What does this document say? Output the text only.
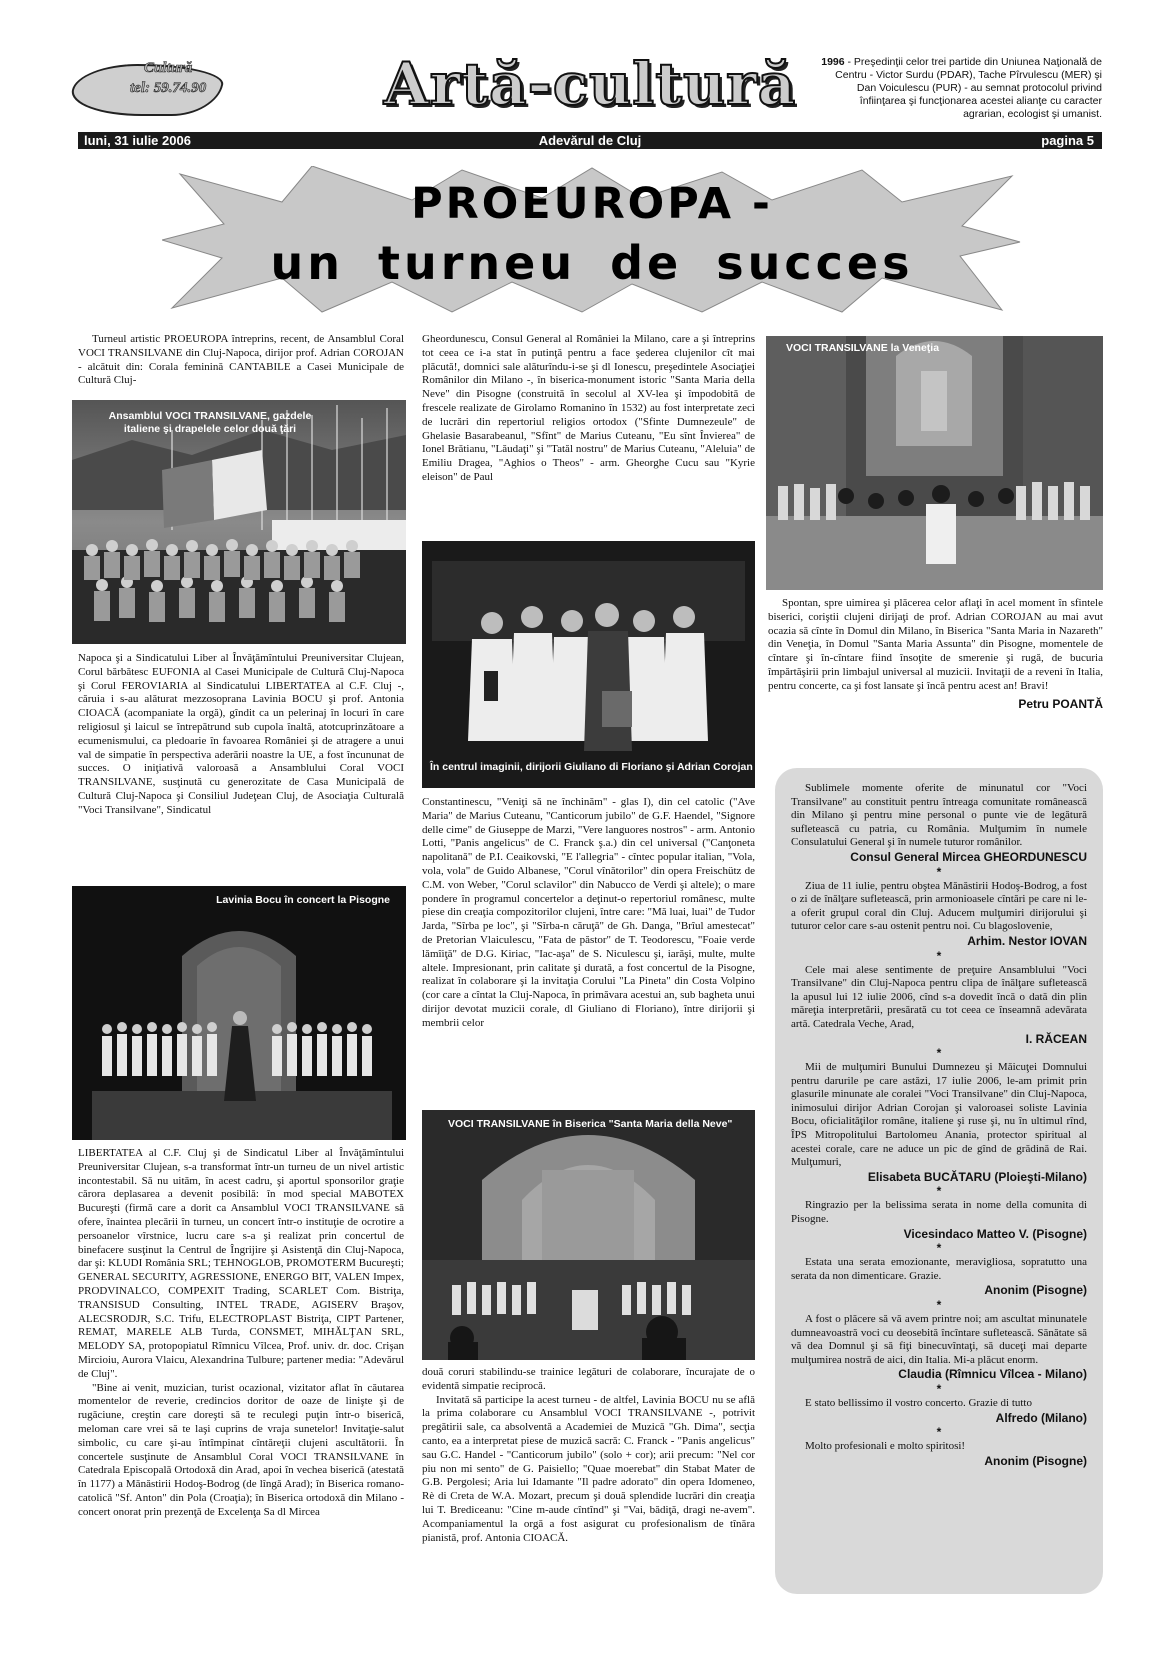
Cultură
tel: 59.74.90	Artă-cultură	1996 - Preşedinţii celor trei partide din Uniunea Naţională de Centru - Victor Surdu (PDAR), Tache Pîrvulescu (MER) şi Dan Voiculescu (PUR) - au semnat protocolul privind înfiinţarea şi funcţionarea acestei alianţe cu caracter agrarian, ecologist şi umanist.
Adevărul de Cluj
luni, 31 iulie 2006	pagina 5
PROEUROPA -
un turneu de succes

Turneul artistic PROEUROPA întreprins, recent, de Ansamblul Coral VOCI TRANSILVANE din Cluj-Napoca, dirijor prof. Adrian COROJAN - alcătuit din: Corala feminină CANTABILE a Casei Municipale de Cultură Cluj-

Ansamblul VOCI TRANSILVANE, gazdele italiene şi drapelele celor două ţări

Napoca şi a Sindicatului Liber al Învăţămîntului Preuniversitar Clujean, Corul bărbătesc EUFONIA al Casei Municipale de Cultură Cluj-Napoca şi Corul FEROVIARIA al Sindicatului LIBERTATEA al C.F. Cluj -, căruia i s-au alăturat mezzosoprana Lavinia BOCU şi prof. Antonia CIOACĂ (acompaniate la orgă), gîndit ca un pelerinaj în locuri în care religiosul şi laicul se întrepătrund sub cupola înaltă, atotcuprinzătoare a ecumenismului, ca pledoarie în favoarea României şi de atragere a unui val de simpatie în perspectiva aderării noastre la UE, a fost încununat de succes. O iniţiativă valoroasă a Ansamblului Coral VOCI TRANSILVANE, susţinută cu generozitate de Casa Municipală de Cultură Cluj-Napoca şi Consiliul Judeţean Cluj, de Asociaţia Culturală "Voci Transilvane", Sindicatul

Lavinia Bocu în concert la Pisogne

LIBERTATEA al C.F. Cluj şi de Sindicatul Liber al Învăţămîntului Preuniversitar Clujean, s-a transformat într-un turneu de un nivel artistic incontestabil. Să nu uităm, în acest cadru, şi aportul sponsorilor graţie cărora deplasarea a devenit posibilă: în mod special MABOTEX Bucureşti (firmă care a dorit ca Ansamblul VOCI TRANSILVANE să ofere, înaintea plecării în turneu, un concert într-o instituţie de ocrotire a persoanelor vîrstnice, lucru care s-a şi realizat prin concertul de binefacere susţinut la Centrul de Îngrijire şi Asistenţă din Cluj-Napoca, dar şi: KLUDI România SRL; TEHNOGLOB, PROMOTERM Bucureşti; GENERAL SECURITY, AGRESSIONE, ENERGO BIT, VALEN Impex, PRODVINALCO, COMPEXIT Trading, SCARLET Com. Bistriţa, TRANSISUD Consulting, INTEL TRADE, AGISERV Braşov, ALECSRODJR, S.C. Trifu, ELECTROPLAST Bistriţa, CIPT Partener, REMAT, MARELE ALB Turda, CONSMET, MIHĂLŢAN SRL, MELODY SA, protopopiatul Rîmnicu Vîlcea, Prof. univ. dr. doc. Crişan Mircioiu, Aurora Vlaicu, Alexandrina Tulbure; partener media: "Adevărul de Cluj".

"Bine ai venit, muzician, turist ocazional, vizitator aflat în căutarea momentelor de reverie, credincios doritor de oaze de linişte şi de rugăciune, creştin care doreşti să te reculegi puţin într-o biserică, meloman care vrei să te laşi cuprins de vraja sunetelor! Invitaţie-salut simbolic, cu care şi-au întîmpinat cîntăreţii clujeni ascultătorii. În concertele susţinute de Ansamblul Coral VOCI TRANSILVANE în Catedrala Episcopală Ortodoxă din Arad, apoi în vechea biserică (atestată în 1177) a Mănăstirii Hodoş-Bodrog (de lîngă Arad); în Biserica romano-catolică "Sf. Anton" din Pola (Croaţia); în Biserica ortodoxă din Milano - concert onorat prin prezenţă de Excelenţa Sa dl Mircea

Gheordunescu, Consul General al României la Milano, care a şi întreprins tot ceea ce i-a stat în putinţă pentru a face şederea clujenilor cît mai plăcută!, domnici sale alăturîndu-i-se şi dl Ionescu, preşedintele Asociaţiei Românilor din Milano -, în biserica-monument istoric "Santa Maria della Neve" din Pisogne (construită în secolul al XV-lea şi împodobită de frescele realizate de Girolamo Romanino în 1532) au fost interpretate zeci de lucrări din repertoriul religios ortodox ("Sfinte Dumnezeule" de Ghelasie Basarabeanul, "Sfînt" de Marius Cuteanu, "Eu sînt Învierea" de Ionel Brătianu, "Lăudaţi" şi "Tatăl nostru" de Marius Cuteanu, "Aleluia" de Emiliu Dragea, "Aghios o Theos" - arm. Gheorghe Cucu sau "Kyrie eleison" de Paul

În centrul imaginii, dirijorii Giuliano di Floriano şi Adrian Corojan

Constantinescu, "Veniţi să ne închinăm" - glas I), din cel catolic ("Ave Maria" de Marius Cuteanu, "Canticorum jubilo" de G.F. Haendel, "Signore delle cime" de Giuseppe de Marzi, "Vere languores nostros" - arm. Antonio Lotti, "Panis angelicus" de C. Franck ş.a.) din cel universal ("Canţoneta napolitană" de P.I. Ceaikovski, "E l'allegria" - cîntec popular italian, "Vola, vola, vola" de Guido Albanese, "Corul vînătorilor" din opera Freischütz de C.M. von Weber, "Corul sclavilor" din Nabucco de Verdi şi altele); o mare pondere în programul concertelor a deţinut-o repertoriul românesc, multe piese din creaţia compozitorilor clujeni, între care: "Mă luai, luai" de Tudor Jarda, "Sîrba pe loc", şi "Sîrba-n căruţă" de Gh. Danga, "Brîul amestecat" de Pretorian Vlaiculescu, "Fata de păstor" de T. Teodorescu, "Foaie verde lămîiţă" de D.G. Kiriac, "Iac-aşa" de S. Niculescu şi, iarăşi, multe, multe altele. Impresionant, prin calitate şi durată, a fost concertul de la Pisogne, realizat în colaborare şi la invitaţia Corului "La Pineta" din Costa Volpino (cor care a cîntat la Cluj-Napoca, în primăvara acestui an, sub bagheta unui dirijor devotat muzicii corale, dl Giuliano di Floriano), între dirijorii şi membrii celor

VOCI TRANSILVANE în Biserica "Santa Maria della Neve"

două coruri stabilindu-se trainice legături de colaborare, încurajate de o evidentă simpatie reciprocă.

Invitată să participe la acest turneu - de altfel, Lavinia BOCU nu se află la prima colaborare cu Ansamblul VOCI TRANSILVANE -, potrivit pregătirii sale, ca absolventă a Academiei de Muzică "Gh. Dima", secţia canto, ea a interpretat piese de muzică sacră: C. Franck - "Panis angelicus" sau G.C. Handel - "Canticorum jubilo" (solo + cor); arii precum: "Nel cor piu non mi sento" de G. Paisiello; "Quae moerebat" din Stabat Mater de G.B. Pergolesi; Aria lui Idamante "Il padre adorato" din opera Idomeneo, Rè di Creta de W.A. Mozart, precum şi două splendide lucrări din creaţia lui T. Brediceanu: "Cine m-aude cîntînd" şi "Vai, bădiţă, dragi ne-avem". Acompaniamentul la orgă a fost asigurat cu profesionalism de tînăra pianistă, prof. Antonia CIOACĂ.

VOCI TRANSILVANE la Veneţia

Spontan, spre uimirea şi plăcerea celor aflaţi în acel moment în sfintele biserici, coriştii clujeni dirijaţi de prof. Adrian COROJAN au mai avut ocazia să cînte în Domul din Milano, în Biserica "Santa Maria in Nazareth" din Veneţia, în Domul "Santa Maria Assunta" din Pisogne, momentele de cîntare şi în-cîntare fiind însoţite de smerenie şi rugă, de bucuria împărtăşirii prin limbajul universal al muzicii. Invitaţii de a reveni în Italia, pentru concerte, ca şi fost lansate şi încă pentru acest an! Bravi!

Petru POANTĂ

Sublimele momente oferite de minunatul cor "Voci Transilvane" au constituit pentru întreaga comunitate românească din Milano şi pentru mine personal o punte vie de legătură sufletească cu patria, cu România. Mulţumim în numele Consulatului General şi în numele tuturor românilor.

Consul General Mircea GHEORDUNESCU
*

Ziua de 11 iulie, pentru obştea Mănăstirii Hodoş-Bodrog, a fost o zi de înălţare sufletească, prin armonioasele cîntări pe care ni le-a oferit grupul coral din Cluj. Aducem mulţumiri dirijorului şi tuturor celor care s-au ostenit pentru noi. Cu blagoslovenie,

Arhim. Nestor IOVAN
*

Cele mai alese sentimente de preţuire Ansamblului "Voci Transilvane" din Cluj-Napoca pentru clipa de înălţare sufletească la apusul lui 12 iulie 2006, cînd s-a dovedit încă o dată din plin măreţia interpretării, presărată cu tot ceea ce înseamnă adevărata artă. Catedrala Veche, Arad,

I. RĂCEAN
*

Mii de mulţumiri Bunului Dumnezeu şi Măicuţei Domnului pentru darurile pe care astăzi, 17 iulie 2006, le-am primit prin glasurile minunate ale coralei "Voci Transilvane" din Cluj-Napoca, inimosului dirijor Adrian Corojan şi valoroasei soliste Lavinia Bocu, oficialităţilor române, italiene şi ruse şi, nu în ultimul rînd, ÎPS Mitropolitului Bartolomeu Anania, protector spiritual al acestei corale, care ne aduce un pic de gînd de grădină de Rai. Mulţumuri,

Elisabeta BUCĂTARU (Ploieşti-Milano)
*

Ringrazio per la belissima serata in nome della comunita di Pisogne.

Vicesindaco Matteo V. (Pisogne)
*

Estata una serata emozionante, meravigliosa, sopratutto una serata da non dimenticare. Grazie.

Anonim (Pisogne)
*

A fost o plăcere să vă avem printre noi; am ascultat minunatele dumneavoastră voci cu deosebită încîntare sufletească. Sănătate să vă dea Domnul şi să fiţi binecuvîntaţi, să duceţi mai departe mulţumirea nostră de aici, din Italia. Mi-a plăcut enorm.

Claudia (Rîmnicu Vîlcea - Milano)
*

E stato bellissimo il vostro concerto. Grazie di tutto

Alfredo (Milano)
*

Molto profesionali e molto spiritosi!

Anonim (Pisogne)
